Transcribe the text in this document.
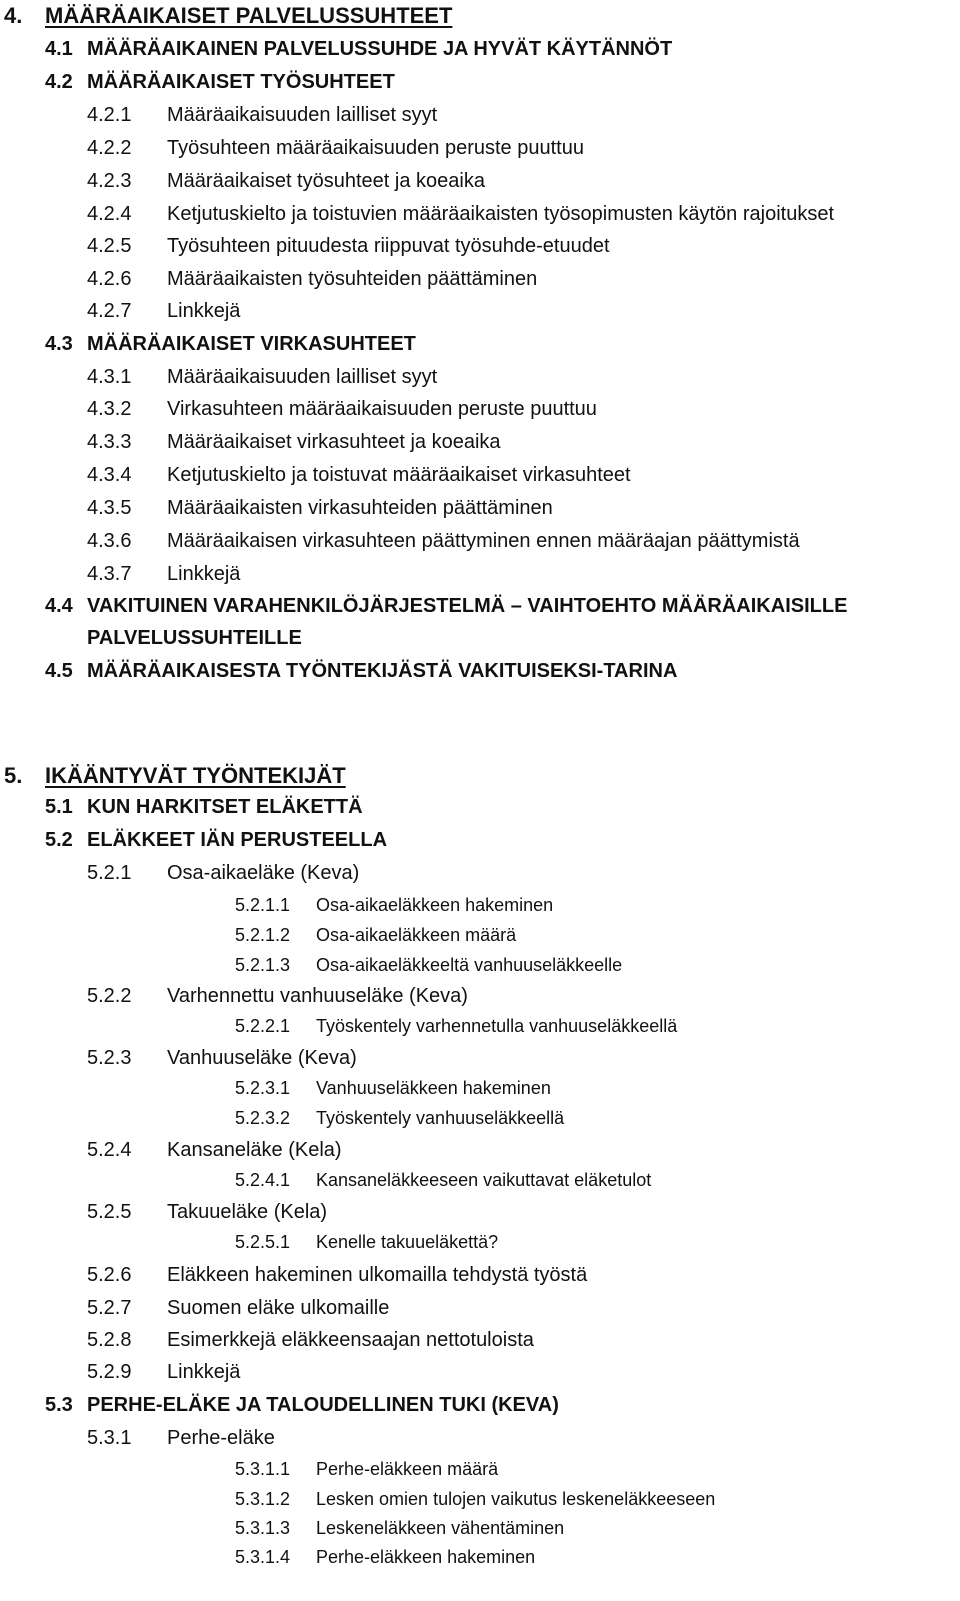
4. MÄÄRÄAIKAISET PALVELUSSUHTEET
4.1 MÄÄRÄAIKAINEN PALVELUSSUHDE JA HYVÄT KÄYTÄNNÖT
4.2 MÄÄRÄAIKAISET TYÖSUHTEET
4.2.1 Määräaikaisuuden lailliset syyt
4.2.2 Työsuhteen määräaikaisuuden peruste puuttuu
4.2.3 Määräaikaiset työsuhteet ja koeaika
4.2.4 Ketjutuskielto ja toistuvien määräaikaisten työsopimusten käytön rajoitukset
4.2.5 Työsuhteen pituudesta riippuvat työsuhde-etuudet
4.2.6 Määräaikaisten työsuhteiden päättäminen
4.2.7 Linkkejä
4.3 MÄÄRÄAIKAISET VIRKASUHTEET
4.3.1 Määräaikaisuuden lailliset syyt
4.3.2 Virkasuhteen määräaikaisuuden peruste puuttuu
4.3.3 Määräaikaiset virkasuhteet ja koeaika
4.3.4 Ketjutuskielto ja toistuvat määräaikaiset virkasuhteet
4.3.5 Määräaikaisten virkasuhteiden päättäminen
4.3.6 Määräaikaisen virkasuhteen päättyminen ennen määräajan päättymistä
4.3.7 Linkkejä
4.4 VAKITUINEN VARAHENKILÖJÄRJESTELMÄ – VAIHTOEHTO MÄÄRÄAIKAISILLE
PALVELUSSUHTEILLE
4.5 MÄÄRÄAIKAISESTA TYÖNTEKIJÄSTÄ VAKITUISEKSI-TARINA
5. IKÄÄNTYVÄT TYÖNTEKIJÄT
5.1 KUN HARKITSET ELÄKETTÄ
5.2 ELÄKKEET IÄN PERUSTEELLA
5.2.1 Osa-aikaeläke (Keva)
5.2.1.1 Osa-aikaeläkkeen hakeminen
5.2.1.2 Osa-aikaeläkkeen määrä
5.2.1.3 Osa-aikaeläkkeeltä vanhuuseläkkeelle
5.2.2 Varhennettu vanhuuseläke (Keva)
5.2.2.1 Työskentely varhennetulla vanhuuseläkkeellä
5.2.3 Vanhuuseläke (Keva)
5.2.3.1 Vanhuuseläkkeen hakeminen
5.2.3.2 Työskentely vanhuuseläkkeellä
5.2.4 Kansaneläke (Kela)
5.2.4.1 Kansaneläkkeeseen vaikuttavat eläketulot
5.2.5 Takuueläke (Kela)
5.2.5.1 Kenelle takuueläkettä?
5.2.6 Eläkkeen hakeminen ulkomailla tehdystä työstä
5.2.7 Suomen eläke ulkomaille
5.2.8 Esimerkkejä eläkkeensaajan nettotuloista
5.2.9 Linkkejä
5.3 PERHE-ELÄKE JA TALOUDELLINEN TUKI (KEVA)
5.3.1 Perhe-eläke
5.3.1.1 Perhe-eläkkeen määrä
5.3.1.2 Lesken omien tulojen vaikutus leskeneläkkeeseen
5.3.1.3 Leskeneläkkeen vähentäminen
5.3.1.4 Perhe-eläkkeen hakeminen
